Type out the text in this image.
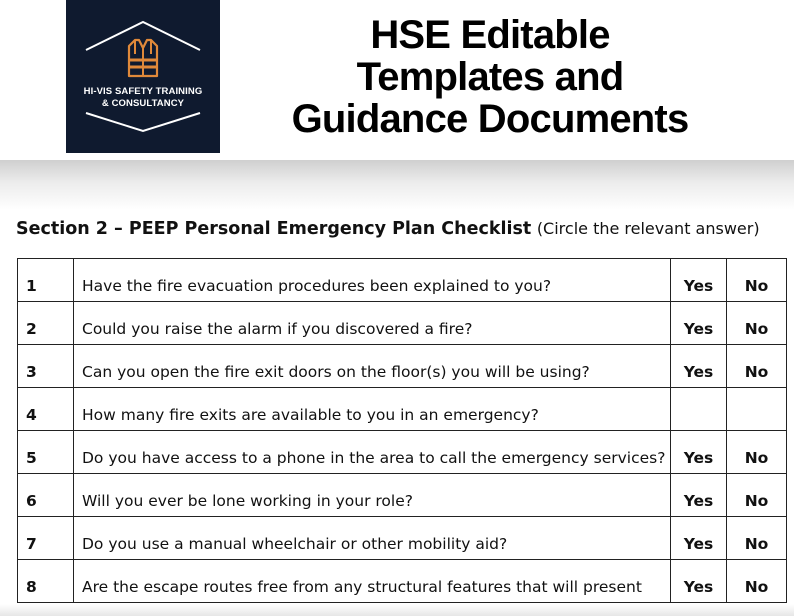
HI-VIS SAFETY TRAINING
& CONSULTANCY
HSE Editable
Templates and
Guidance Documents
Section 2 – PEEP Personal Emergency Plan Checklist (Circle the relevant answer)
1	Have the fire evacuation procedures been explained to you?	Yes	No
2	Could you raise the alarm if you discovered a fire?	Yes	No
3	Can you open the fire exit doors on the floor(s) you will be using?	Yes	No
4	How many fire exits are available to you in an emergency?		
5	Do you have access to a phone in the area to call the emergency services?	Yes	No
6	Will you ever be lone working in your role?	Yes	No
7	Do you use a manual wheelchair or other mobility aid?	Yes	No
8	Are the escape routes free from any structural features that will present	Yes	No
